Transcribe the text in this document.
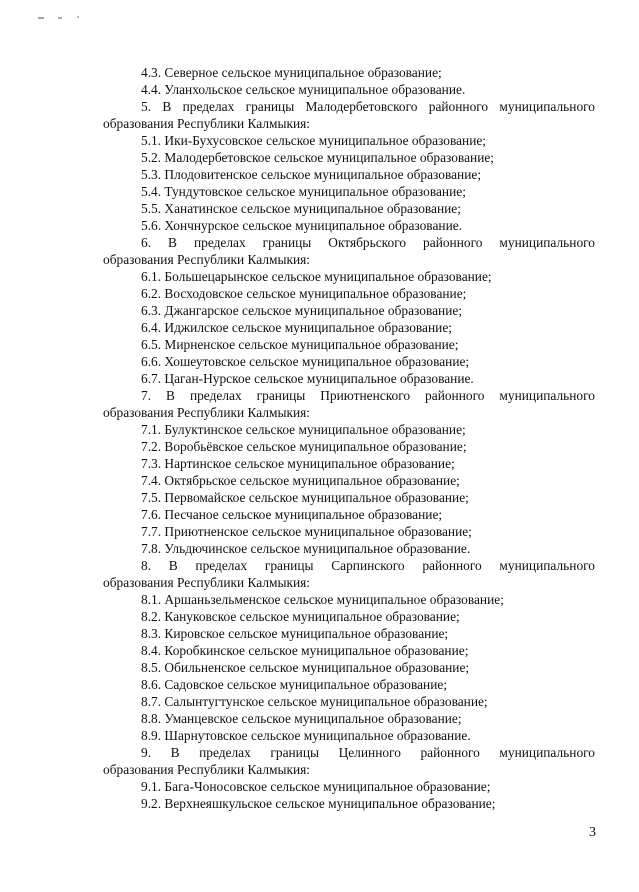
4.3. Северное сельское муниципальное образование;
4.4. Уланхольское сельское муниципальное образование.
5. В пределах границы Малодербетовского районного муниципального
образования Республики Калмыкия:
5.1. Ики-Бухусовское сельское муниципальное образование;
5.2. Малодербетовское сельское муниципальное образование;
5.3. Плодовитенское сельское муниципальное образование;
5.4. Тундутовское сельское муниципальное образование;
5.5. Ханатинское сельское муниципальное образование;
5.6. Хончнурское сельское муниципальное образование.
6. В пределах границы Октябрьского районного муниципального
образования Республики Калмыкия:
6.1. Большецарынское сельское муниципальное образование;
6.2. Восходовское сельское муниципальное образование;
6.3. Джангарское сельское муниципальное образование;
6.4. Иджилское сельское муниципальное образование;
6.5. Мирненское сельское муниципальное образование;
6.6. Хошеутовское сельское муниципальное образование;
6.7. Цаган-Нурское сельское муниципальное образование.
7. В пределах границы Приютненского районного муниципального
образования Республики Калмыкия:
7.1. Булуктинское сельское муниципальное образование;
7.2. Воробьёвское сельское муниципальное образование;
7.3. Нартинское сельское муниципальное образование;
7.4. Октябрьское сельское муниципальное образование;
7.5. Первомайское сельское муниципальное образование;
7.6. Песчаное сельское муниципальное образование;
7.7. Приютненское сельское муниципальное образование;
7.8. Ульдючинское сельское муниципальное образование.
8. В пределах границы Сарпинского районного муниципального
образования Республики Калмыкия:
8.1. Аршаньзельменское сельское муниципальное образование;
8.2. Кануковское сельское муниципальное образование;
8.3. Кировское сельское муниципальное образование;
8.4. Коробкинское сельское муниципальное образование;
8.5. Обильненское сельское муниципальное образование;
8.6. Садовское сельское муниципальное образование;
8.7. Салынтугтунское сельское муниципальное образование;
8.8. Уманцевское сельское муниципальное образование;
8.9. Шарнутовское сельское муниципальное образование.
9. В пределах границы Целинного районного муниципального
образования Республики Калмыкия:
9.1. Бага-Чоносовское сельское муниципальное образование;
9.2. Верхнеяшкульское сельское муниципальное образование;
3
